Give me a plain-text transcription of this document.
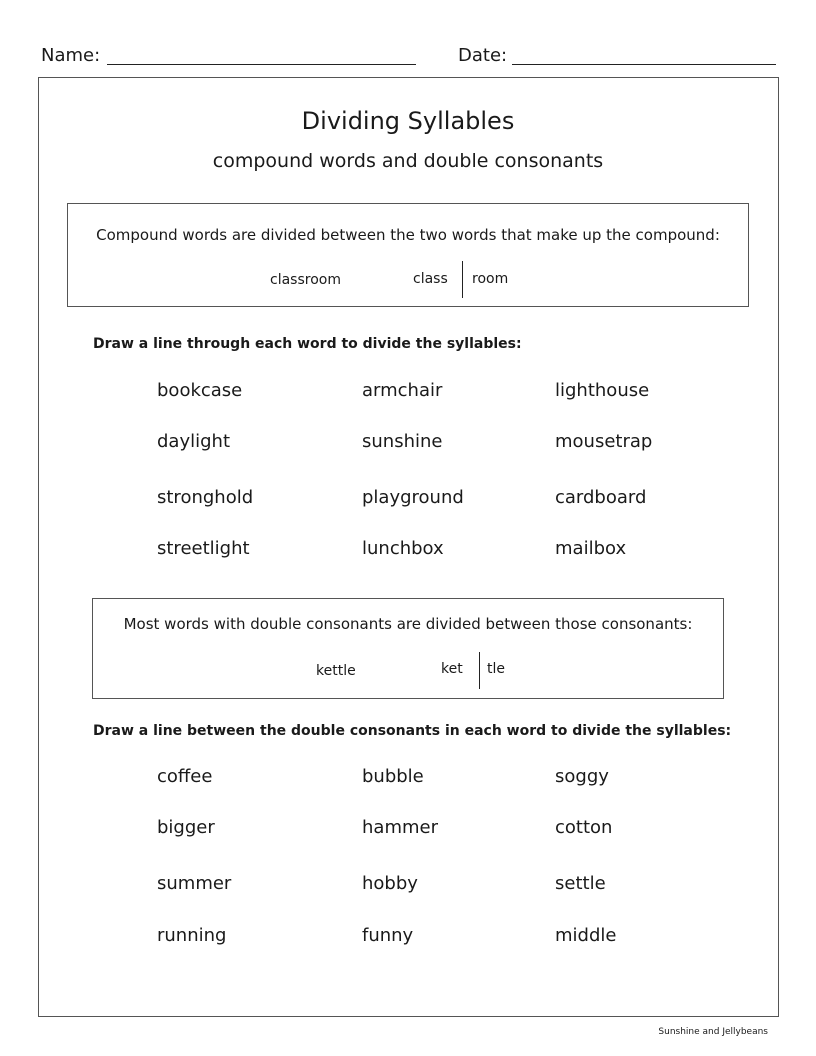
Name:	Date:
Dividing Syllables
compound words and double consonants
Compound words are divided between the two words that make up the compound:
classroom	class room
Draw a line through each word to divide the syllables:
bookcase	armchair	lighthouse
daylight	sunshine	mousetrap
stronghold	playground	cardboard
streetlight	lunchbox	mailbox
Most words with double consonants are divided between those consonants:
kettle	ket tle
Draw a line between the double consonants in each word to divide the syllables:
coffee	bubble	soggy
bigger	hammer	cotton
summer	hobby	settle
running	funny	middle
Sunshine and Jellybeans
